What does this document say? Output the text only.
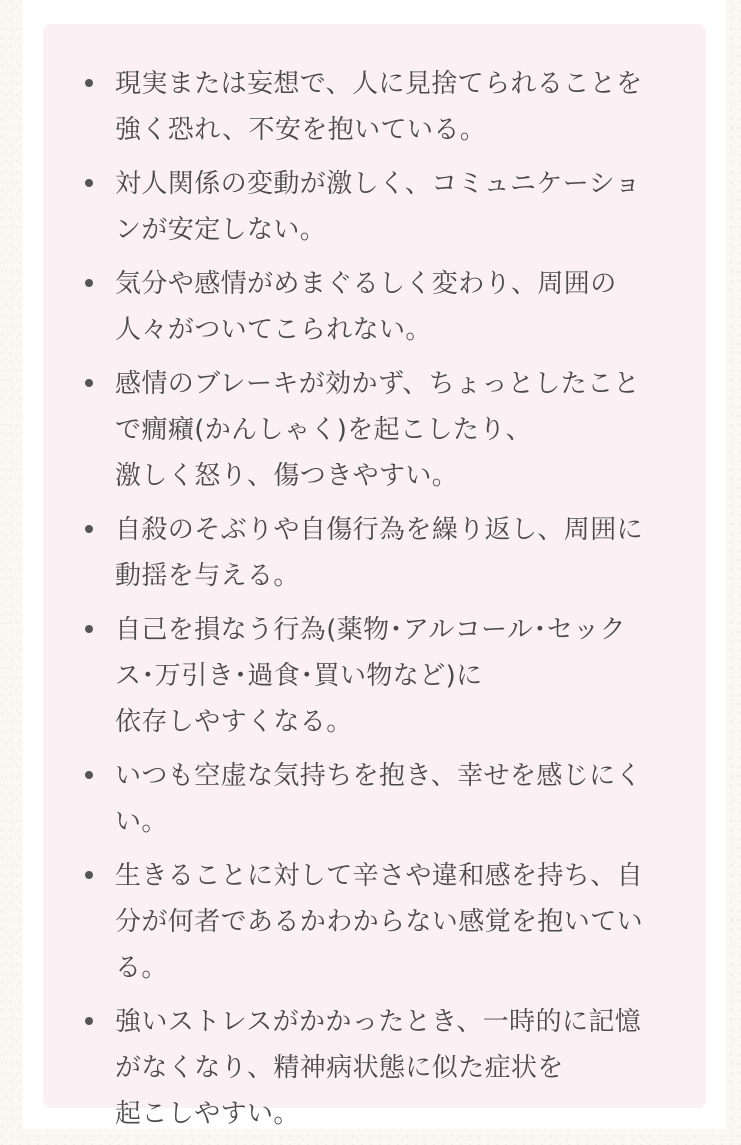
現実または妄想で、人に見捨てられることを
強く恐れ、不安を抱いている。
対人関係の変動が激しく、コミュニケーショ
ンが安定しない。
気分や感情がめまぐるしく変わり、周囲の
人々がついてこられない。
感情のブレーキが効かず、ちょっとしたこと
で癇癪(かんしゃく)を起こしたり、
激しく怒り、傷つきやすい。
自殺のそぶりや自傷行為を繰り返し、周囲に
動揺を与える。
自己を損なう行為(薬物･アルコール･セック
ス･万引き･過食･買い物など)に
依存しやすくなる。
いつも空虚な気持ちを抱き、幸せを感じにく
い。
生きることに対して辛さや違和感を持ち、自
分が何者であるかわからない感覚を抱いてい
る。
強いストレスがかかったとき、一時的に記憶
がなくなり、精神病状態に似た症状を
起こしやすい。
